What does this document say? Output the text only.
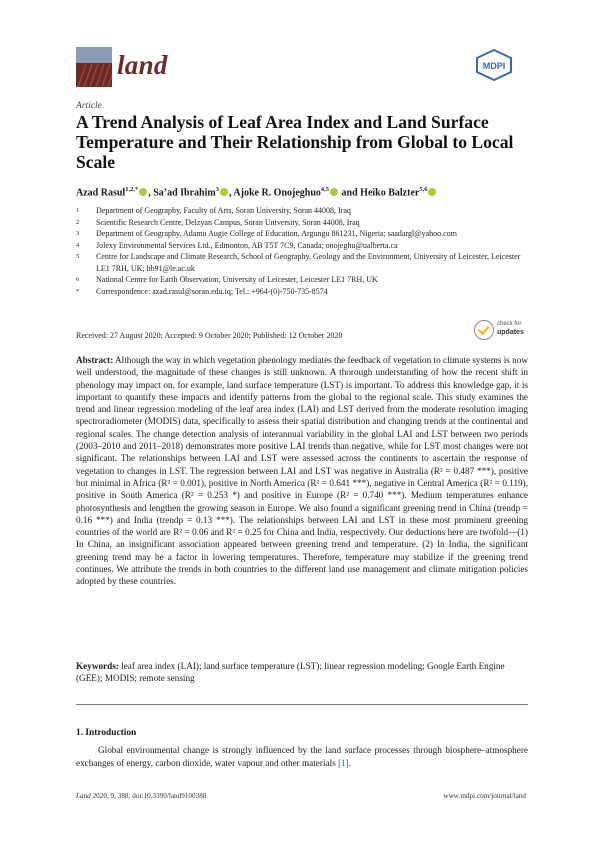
land	MDPI
Article
A Trend Analysis of Leaf Area Index and Land Surface Temperature and Their Relationship from Global to Local Scale
Azad Rasul$^{1,2,*}$ , Sa’ad Ibrahim$^3$ , Ajoke R. Onojeghuo$^{4,5}$ and Heiko Balzter$^{5,6}$
1	Department of Geography, Faculty of Arts, Soran University, Soran 44008, Iraq
2	Scientific Research Centre, Delzyan Campus, Soran University, Soran 44008, Iraq
3	Department of Geography, Adamu Augie College of Education, Argungu 861231, Nigeria; saadargl@yahoo.com
4	Jolexy Environmental Services Ltd., Edmonton, AB T5T 7C9, Canada; onojeghu@ualberta.ca
5	Centre for Landscape and Climate Research, School of Geography, Geology and the Environment, University of Leicester, Leicester LE1 7RH, UK; hb91@le.ac.uk
6	National Centre for Earth Observation, University of Leicester, Leicester LE1 7RH, UK
*	Correspondence: azad.rasul@soran.edu.iq; Tel.: +964-(0)-750-735-8574
Received: 27 August 2020; Accepted: 9 October 2020; Published: 12 October 2020
check for
updates
Abstract: Although the way in which vegetation phenology mediates the feedback of vegetation to climate systems is now well understood, the magnitude of these changes is still unknown. A thorough understanding of how the recent shift in phenology may impact on, for example, land surface temperature (LST) is important. To address this knowledge gap, it is important to quantify these impacts and identify patterns from the global to the regional scale. This study examines the trend and linear regression modeling of the leaf area index (LAI) and LST derived from the moderate resolution imaging spectroradiometer (MODIS) data, specifically to assess their spatial distribution and changing trends at the continental and regional scales. The change detection analysis of interannual variability in the global LAI and LST between two periods (2003–2010 and 2011–2018) demonstrates more positive LAI trends than negative, while for LST most changes were not significant. The relationships between LAI and LST were assessed across the continents to ascertain the response of vegetation to changes in LST. The regression between LAI and LST was negative in Australia (R² = 0.487 ***), positive but minimal in Africa (R² = 0.001), positive in North America (R² = 0.641 ***), negative in Central America (R² = 0.119), positive in South America (R² = 0.253 *) and positive in Europe (R² = 0.740 ***). Medium temperatures enhance photosynthesis and lengthen the growing season in Europe. We also found a significant greening trend in China (trendp = 0.16 ***) and India (trendp = 0.13 ***). The relationships between LAI and LST in these most prominent greening countries of the world are R² = 0.06 and R² = 0.25 for China and India, respectively. Our deductions here are twofold—(1) In China, an insignificant association appeared between greening trend and temperature. (2) In India, the significant greening trend may be a factor in lowering temperatures. Therefore, temperature may stabilize if the greening trend continues. We attribute the trends in both countries to the different land use management and climate mitigation policies adopted by these countries.
Keywords: leaf area index (LAI); land surface temperature (LST); linear regression modeling; Google Earth Engine (GEE); MODIS; remote sensing
1. Introduction
Global environmental change is strongly influenced by the land surface processes through biosphere–atmosphere exchanges of energy, carbon dioxide, water vapour and other materials [1].
Land 2020, 9, 388; doi:10.3390/land9100388	www.mdpi.com/journal/land
